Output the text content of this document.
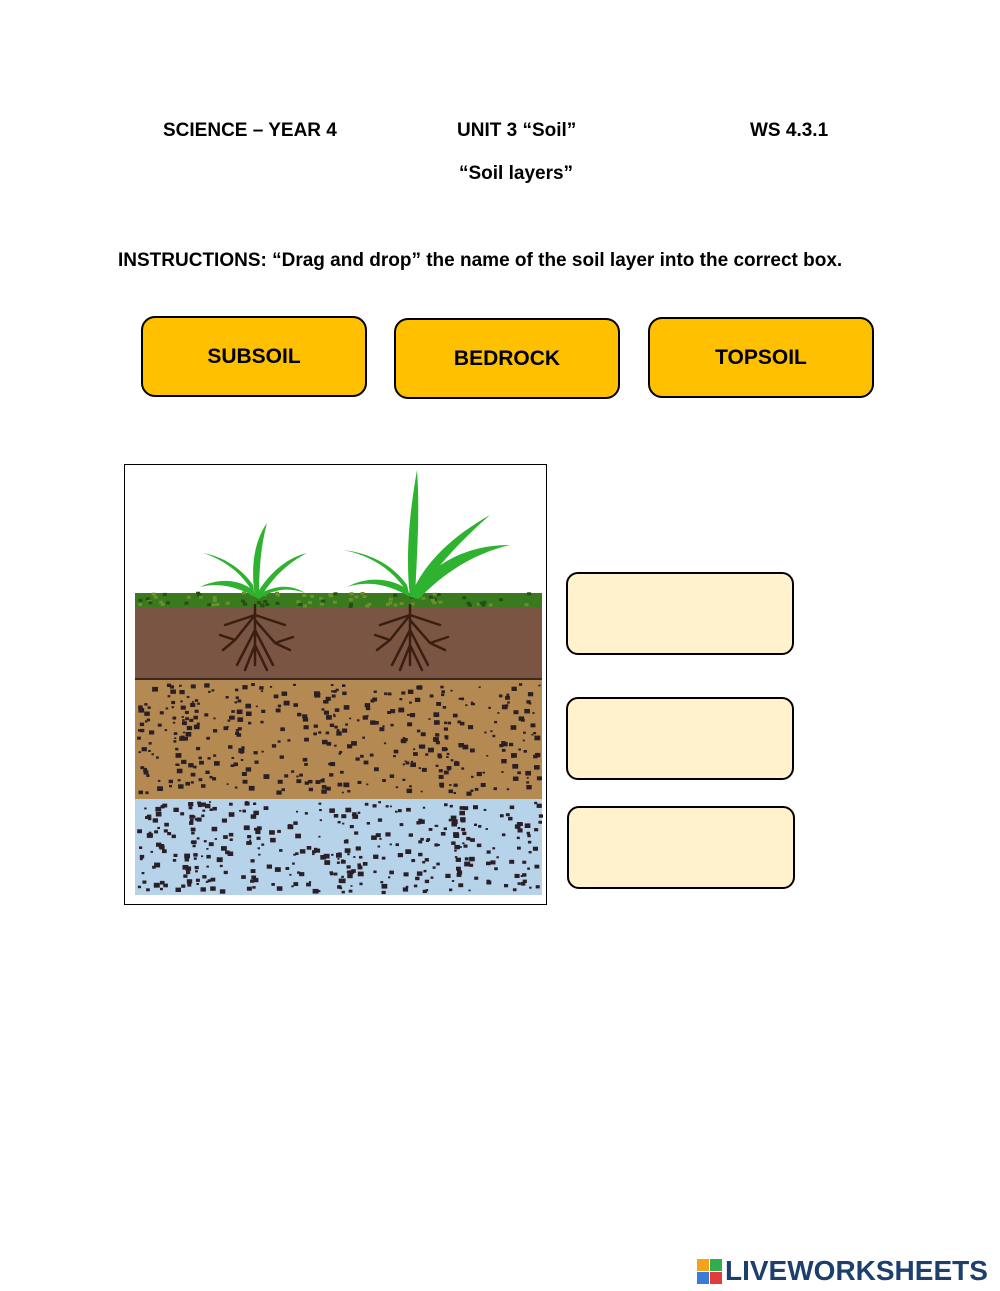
SCIENCE – YEAR 4	UNIT 3 “Soil”	WS 4.3.1
“Soil layers”
INSTRUCTIONS: “Drag and drop” the name of the soil layer into the correct box.
SUBSOIL	BEDROCK	TOPSOIL
LIVEWORKSHEETS
